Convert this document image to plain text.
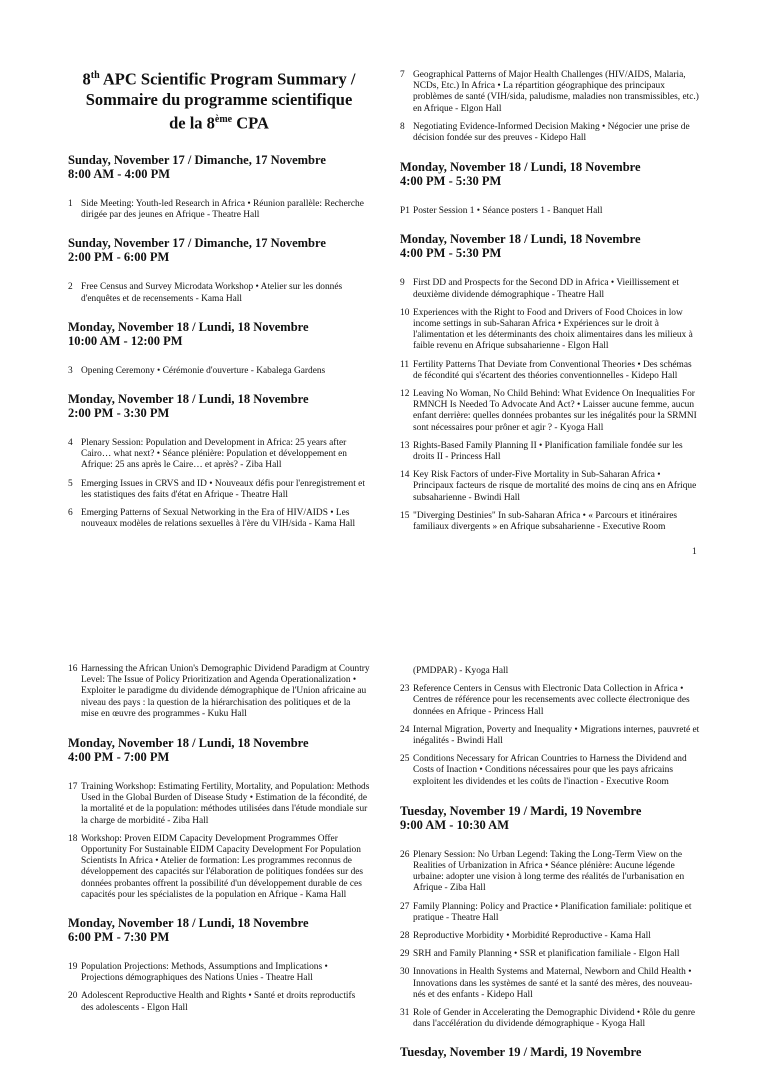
8th APC Scientific Program Summary /
Sommaire du programme scientifique
de la 8ème CPA
Sunday, November 17 / Dimanche, 17 Novembre
8:00 AM - 4:00 PM
1 Side Meeting: Youth-led Research in Africa • Réunion parallèle: Recherche dirigée par des jeunes en Afrique - Theatre Hall
Sunday, November 17 / Dimanche, 17 Novembre
2:00 PM - 6:00 PM
2 Free Census and Survey Microdata Workshop • Atelier sur les donnés d'enquêtes et de recensements - Kama Hall
Monday, November 18 / Lundi, 18 Novembre
10:00 AM - 12:00 PM
3 Opening Ceremony • Cérémonie d'ouverture - Kabalega Gardens
Monday, November 18 / Lundi, 18 Novembre
2:00 PM - 3:30 PM
4 Plenary Session: Population and Development in Africa: 25 years after Cairo… what next? • Séance plénière: Population et développement en Afrique: 25 ans après le Caire… et après? - Ziba Hall
5 Emerging Issues in CRVS and ID • Nouveaux défis pour l'enregistrement et les statistiques des faits d'état en Afrique - Theatre Hall
6 Emerging Patterns of Sexual Networking in the Era of HIV/AIDS • Les nouveaux modèles de relations sexuelles à l'ère du VIH/sida - Kama Hall
7 Geographical Patterns of Major Health Challenges (HIV/AIDS, Malaria, NCDs, Etc.) In Africa • La répartition géographique des principaux problèmes de santé (VIH/sida, paludisme, maladies non transmissibles, etc.) en Afrique - Elgon Hall
8 Negotiating Evidence-Informed Decision Making • Négocier une prise de décision fondée sur des preuves - Kidepo Hall
Monday, November 18 / Lundi, 18 Novembre
4:00 PM - 5:30 PM
P1 Poster Session 1 • Séance posters 1 - Banquet Hall
Monday, November 18 / Lundi, 18 Novembre
4:00 PM - 5:30 PM
9 First DD and Prospects for the Second DD in Africa • Vieillissement et deuxième dividende démographique - Theatre Hall
10 Experiences with the Right to Food and Drivers of Food Choices in low income settings in sub-Saharan Africa • Expériences sur le droit à l'alimentation et les déterminants des choix alimentaires dans les milieux à faible revenu en Afrique subsaharienne - Elgon Hall
11 Fertility Patterns That Deviate from Conventional Theories • Des schémas de fécondité qui s'écartent des théories conventionnelles - Kidepo Hall
12 Leaving No Woman, No Child Behind: What Evidence On Inequalities For RMNCH Is Needed To Advocate And Act? • Laisser aucune femme, aucun enfant derrière: quelles données probantes sur les inégalités pour la SRMNI sont nécessaires pour prôner et agir ? - Kyoga Hall
13 Rights-Based Family Planning II • Planification familiale fondée sur les droits II - Princess Hall
14 Key Risk Factors of under-Five Mortality in Sub-Saharan Africa • Principaux facteurs de risque de mortalité des moins de cinq ans en Afrique subsaharienne - Bwindi Hall
15 "Diverging Destinies" In sub-Saharan Africa • « Parcours et itinéraires familiaux divergents » en Afrique subsaharienne - Executive Room
1
16 Harnessing the African Union's Demographic Dividend Paradigm at Country Level: The Issue of Policy Prioritization and Agenda Operationalization • Exploiter le paradigme du dividende démographique de l'Union africaine au niveau des pays : la question de la hiérarchisation des politiques et de la mise en œuvre des programmes - Kuku Hall
Monday, November 18 / Lundi, 18 Novembre
4:00 PM - 7:00 PM
17 Training Workshop: Estimating Fertility, Mortality, and Population: Methods Used in the Global Burden of Disease Study • Estimation de la fécondité, de la mortalité et de la population: méthodes utilisées dans l'étude mondiale sur la charge de morbidité - Ziba Hall
18 Workshop: Proven EIDM Capacity Development Programmes Offer Opportunity For Sustainable EIDM Capacity Development For Population Scientists In Africa • Atelier de formation: Les programmes reconnus de développement des capacités sur l'élaboration de politiques fondées sur des données probantes offrent la possibilité d'un développement durable de ces capacités pour les spécialistes de la population en Afrique - Kama Hall
Monday, November 18 / Lundi, 18 Novembre
6:00 PM - 7:30 PM
19 Population Projections: Methods, Assumptions and Implications • Projections démographiques des Nations Unies - Theatre Hall
20 Adolescent Reproductive Health and Rights • Santé et droits reproductifs des adolescents - Elgon Hall
(PMDPAR) - Kyoga Hall
23 Reference Centers in Census with Electronic Data Collection in Africa • Centres de référence pour les recensements avec collecte électronique des données en Afrique - Princess Hall
24 Internal Migration, Poverty and Inequality • Migrations internes, pauvreté et inégalités - Bwindi Hall
25 Conditions Necessary for African Countries to Harness the Dividend and Costs of Inaction • Conditions nécessaires pour que les pays africains exploitent les dividendes et les coûts de l'inaction - Executive Room
Tuesday, November 19 / Mardi, 19 Novembre
9:00 AM - 10:30 AM
26 Plenary Session: No Urban Legend: Taking the Long-Term View on the Realities of Urbanization in Africa • Séance plénière: Aucune légende urbaine: adopter une vision à long terme des réalités de l'urbanisation en Afrique - Ziba Hall
27 Family Planning: Policy and Practice • Planification familiale: politique et pratique - Theatre Hall
28 Reproductive Morbidity • Morbidité Reproductive - Kama Hall
29 SRH and Family Planning • SSR et planification familiale - Elgon Hall
30 Innovations in Health Systems and Maternal, Newborn and Child Health • Innovations dans les systèmes de santé et la santé des mères, des nouveau-nés et des enfants - Kidepo Hall
31 Role of Gender in Accelerating the Demographic Dividend • Rôle du genre dans l'accélération du dividende démographique - Kyoga Hall
Tuesday, November 19 / Mardi, 19 Novembre
